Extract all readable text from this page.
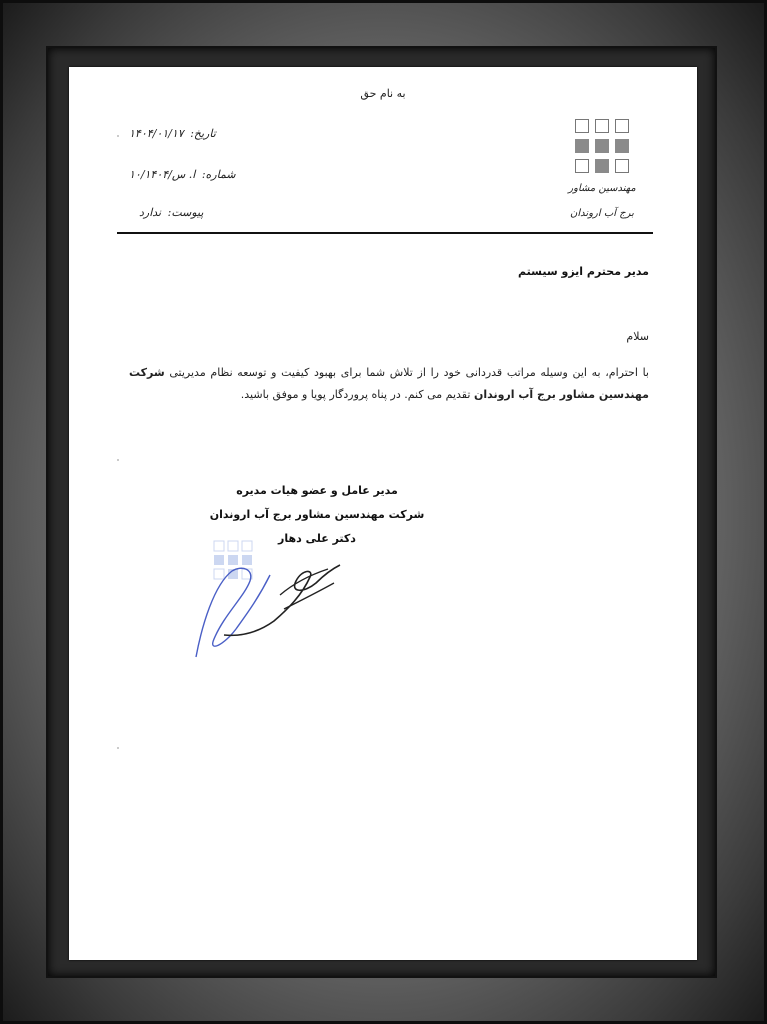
به نام حق
مهندسین مشاور
برج آب اروندان
تاریخ: ۱۴۰۴/۰۱/۱۷
شماره: ا. س/۱۰/۱۴۰۴
پیوست: ندارد
مدیر محترم ایزو سیستم
سلام
با احترام، به این وسیله مراتب قدردانی خود را از تلاش شما برای بهبود کیفیت و توسعه نظام مدیریتی شرکت مهندسین مشاور برج آب اروندان تقدیم می کنم. در پناه پروردگار پویا و موفق باشید.
مدیر عامل و عضو هیات مدیره
شرکت مهندسین مشاور برج آب اروندان
دکتر علی دهار
